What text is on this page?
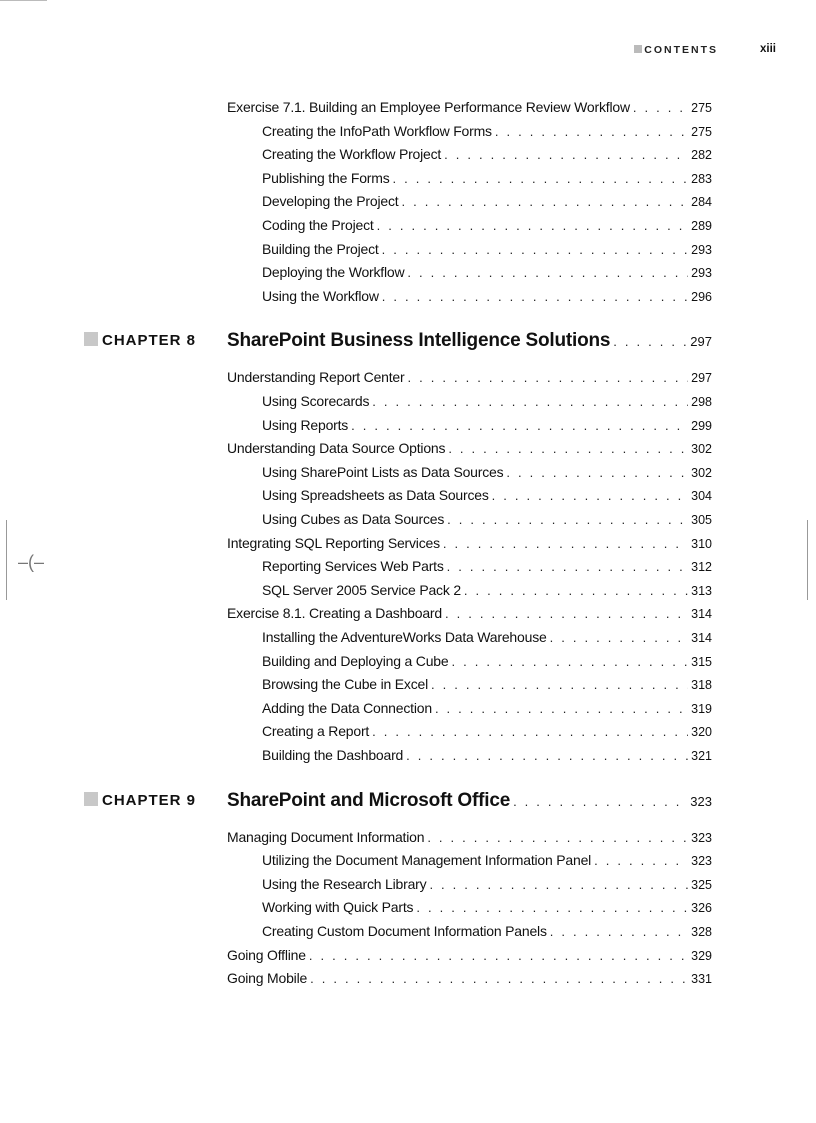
–(–
CONTENTS	xiii
Exercise 7.1. Building an Employee Performance Review Workflow . . .	275
Creating the InfoPath Workflow Forms . . .	275
Creating the Workflow Project . . .	282
Publishing the Forms . . .	283
Developing the Project . . .	284
Coding the Project . . .	289
Building the Project . . .	293
Deploying the Workflow . . .	293
Using the Workflow . . .	296
CHAPTER 8 SharePoint Business Intelligence Solutions . . .	297
Understanding Report Center . . .	297
Using Scorecards . . .	298
Using Reports . . .	299
Understanding Data Source Options . . .	302
Using SharePoint Lists as Data Sources . . .	302
Using Spreadsheets as Data Sources . . .	304
Using Cubes as Data Sources . . .	305
Integrating SQL Reporting Services . . .	310
Reporting Services Web Parts . . .	312
SQL Server 2005 Service Pack 2 . . .	313
Exercise 8.1. Creating a Dashboard . . .	314
Installing the AdventureWorks Data Warehouse . . .	314
Building and Deploying a Cube . . .	315
Browsing the Cube in Excel . . .	318
Adding the Data Connection . . .	319
Creating a Report . . .	320
Building the Dashboard . . .	321
CHAPTER 9 SharePoint and Microsoft Office . . .	323
Managing Document Information . . .	323
Utilizing the Document Management Information Panel . . .	323
Using the Research Library . . .	325
Working with Quick Parts . . .	326
Creating Custom Document Information Panels . . .	328
Going Offline . . .	329
Going Mobile . . .	331
